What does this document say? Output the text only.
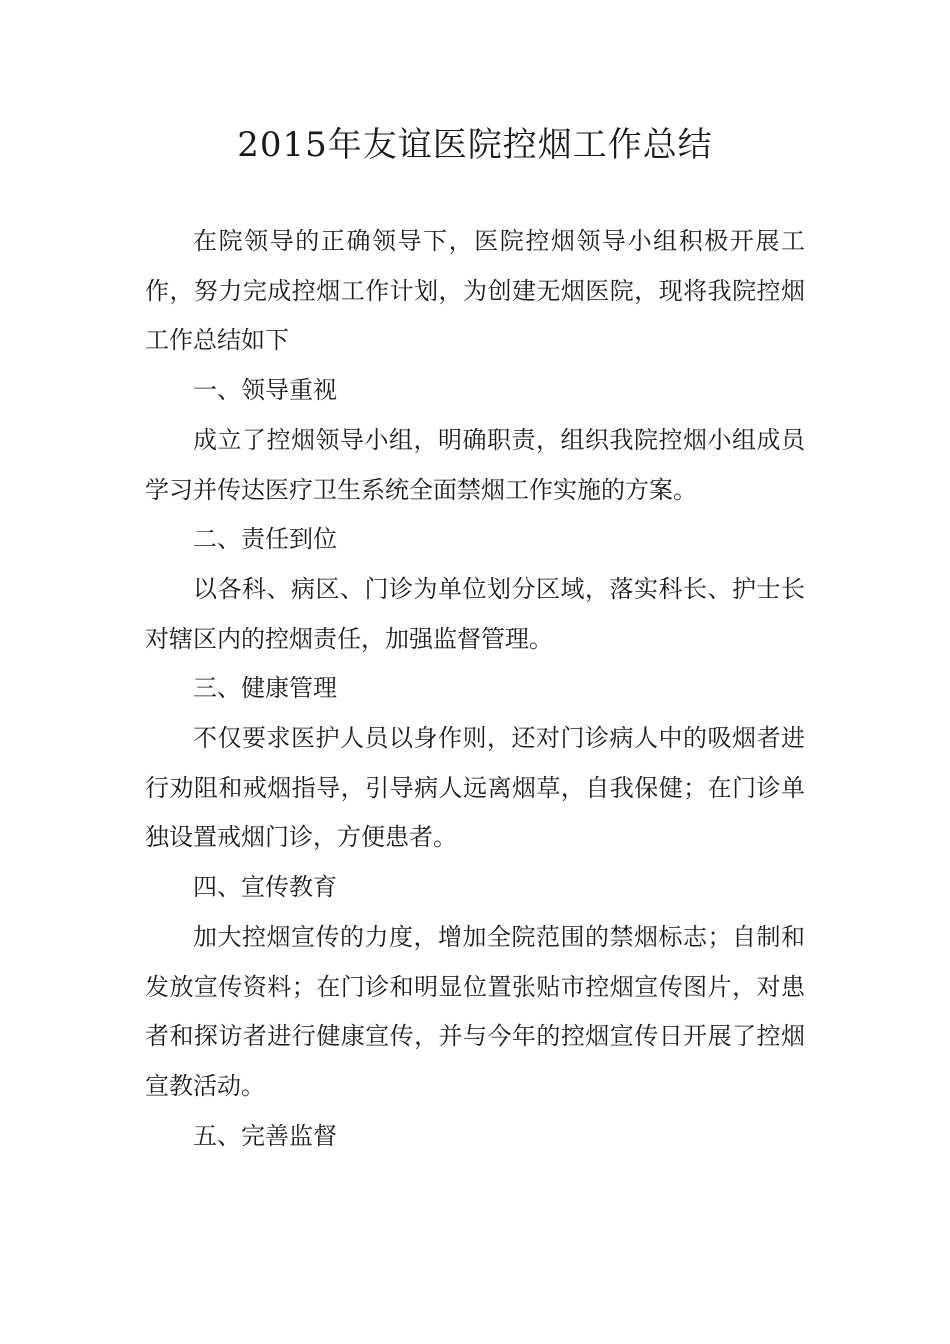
2015年友谊医院控烟工作总结

在院领导的正确领导下，医院控烟领导小组积极开展工作，努力完成控烟工作计划，为创建无烟医院，现将我院控烟工作总结如下

一、领导重视

成立了控烟领导小组，明确职责，组织我院控烟小组成员学习并传达医疗卫生系统全面禁烟工作实施的方案。

二、责任到位

以各科、病区、门诊为单位划分区域，落实科长、护士长对辖区内的控烟责任，加强监督管理。

三、健康管理

不仅要求医护人员以身作则，还对门诊病人中的吸烟者进行劝阻和戒烟指导，引导病人远离烟草，自我保健；在门诊单独设置戒烟门诊，方便患者。

四、宣传教育

加大控烟宣传的力度，增加全院范围的禁烟标志；自制和发放宣传资料；在门诊和明显位置张贴市控烟宣传图片，对患者和探访者进行健康宣传，并与今年的控烟宣传日开展了控烟宣教活动。

五、完善监督
